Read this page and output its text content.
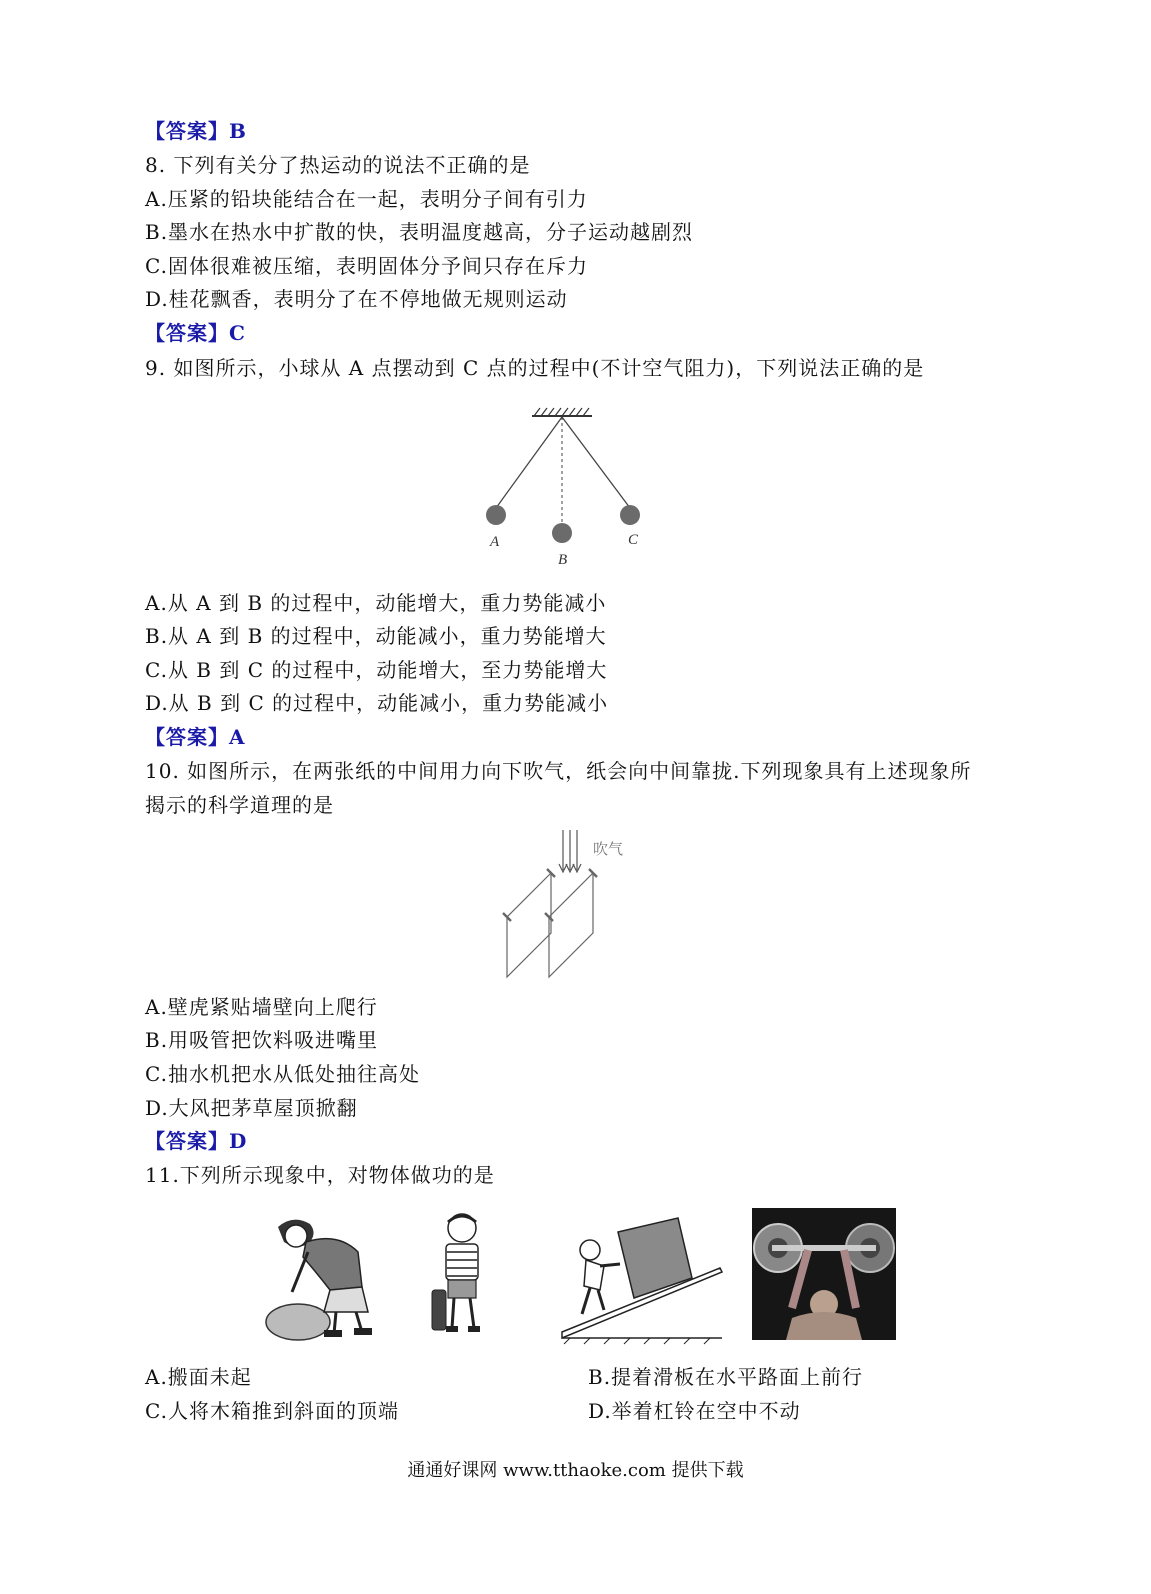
【答案】B
8. 下列有关分了热运动的说法不正确的是
A.压紧的铅块能结合在一起，表明分子间有引力
B.墨水在热水中扩散的快，表明温度越高，分子运动越剧烈
C.固体很难被压缩，表明固体分予间只存在斥力
D.桂花飘香，表明分了在不停地做无规则运动
【答案】C
9. 如图所示，小球从 A 点摆动到 C 点的过程中(不计空气阻力)，下列说法正确的是
A
B
C
A.从 A 到 B 的过程中，动能增大，重力势能减小
B.从 A 到 B 的过程中，动能减小，重力势能增大
C.从 B 到 C 的过程中，动能增大，至力势能增大
D.从 B 到 C 的过程中，动能减小，重力势能减小
【答案】A
10. 如图所示，在两张纸的中间用力向下吹气，纸会向中间靠拢.下列现象具有上述现象所
揭示的科学道理的是
吹气
A.壁虎紧贴墙壁向上爬行
B.用吸管把饮料吸进嘴里
C.抽水机把水从低处抽往高处
D.大风把茅草屋顶掀翻
【答案】D
11.下列所示现象中，对物体做功的是
A.搬面未起	B.提着滑板在水平路面上前行
C.人将木箱推到斜面的顶端	D.举着杠铃在空中不动
通通好课网 www.tthaoke.com 提供下载
